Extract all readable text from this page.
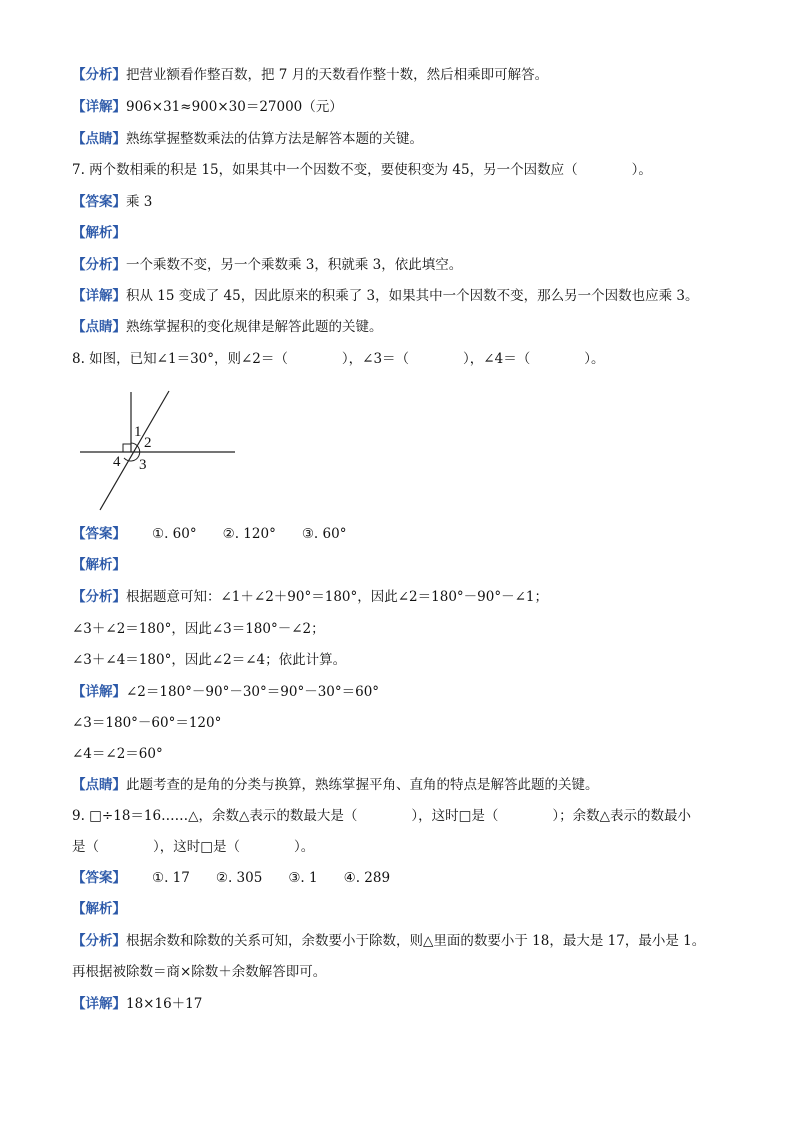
【分析】把营业额看作整百数，把 7 月的天数看作整十数，然后相乘即可解答。
【详解】906×31≈900×30＝27000（元）
【点睛】熟练掌握整数乘法的估算方法是解答本题的关键。
7. 两个数相乘的积是 15，如果其中一个因数不变，要使积变为 45，另一个因数应（　　　　）。
【答案】乘 3
【解析】
【分析】一个乘数不变，另一个乘数乘 3，积就乘 3，依此填空。
【详解】积从 15 变成了 45，因此原来的积乘了 3，如果其中一个因数不变，那么另一个因数也应乘 3。
【点睛】熟练掌握积的变化规律是解答此题的关键。
8. 如图，已知∠1＝30°，则∠2＝（　　　　），∠3＝（　　　　），∠4＝（　　　　）。
1
2
3
4
【答案】 ①. 60° ②. 120° ③. 60°
【解析】
【分析】根据题意可知：∠1＋∠2＋90°＝180°，因此∠2＝180°－90°－∠1；
∠3＋∠2＝180°，因此∠3＝180°－∠2；
∠3＋∠4＝180°，因此∠2＝∠4；依此计算。
【详解】∠2＝180°－90°－30°＝90°－30°＝60°
∠3＝180°－60°＝120°
∠4＝∠2＝60°
【点睛】此题考查的是角的分类与换算，熟练掌握平角、直角的特点是解答此题的关键。
9. □÷18＝16……△，余数△表示的数最大是（　　　　），这时□是（　　　　）；余数△表示的数最小
是（　　　　），这时□是（　　　　）。
【答案】 ①. 17 ②. 305 ③. 1 ④. 289
【解析】
【分析】根据余数和除数的关系可知，余数要小于除数，则△里面的数要小于 18，最大是 17，最小是 1。
再根据被除数＝商×除数＋余数解答即可。
【详解】18×16＋17
